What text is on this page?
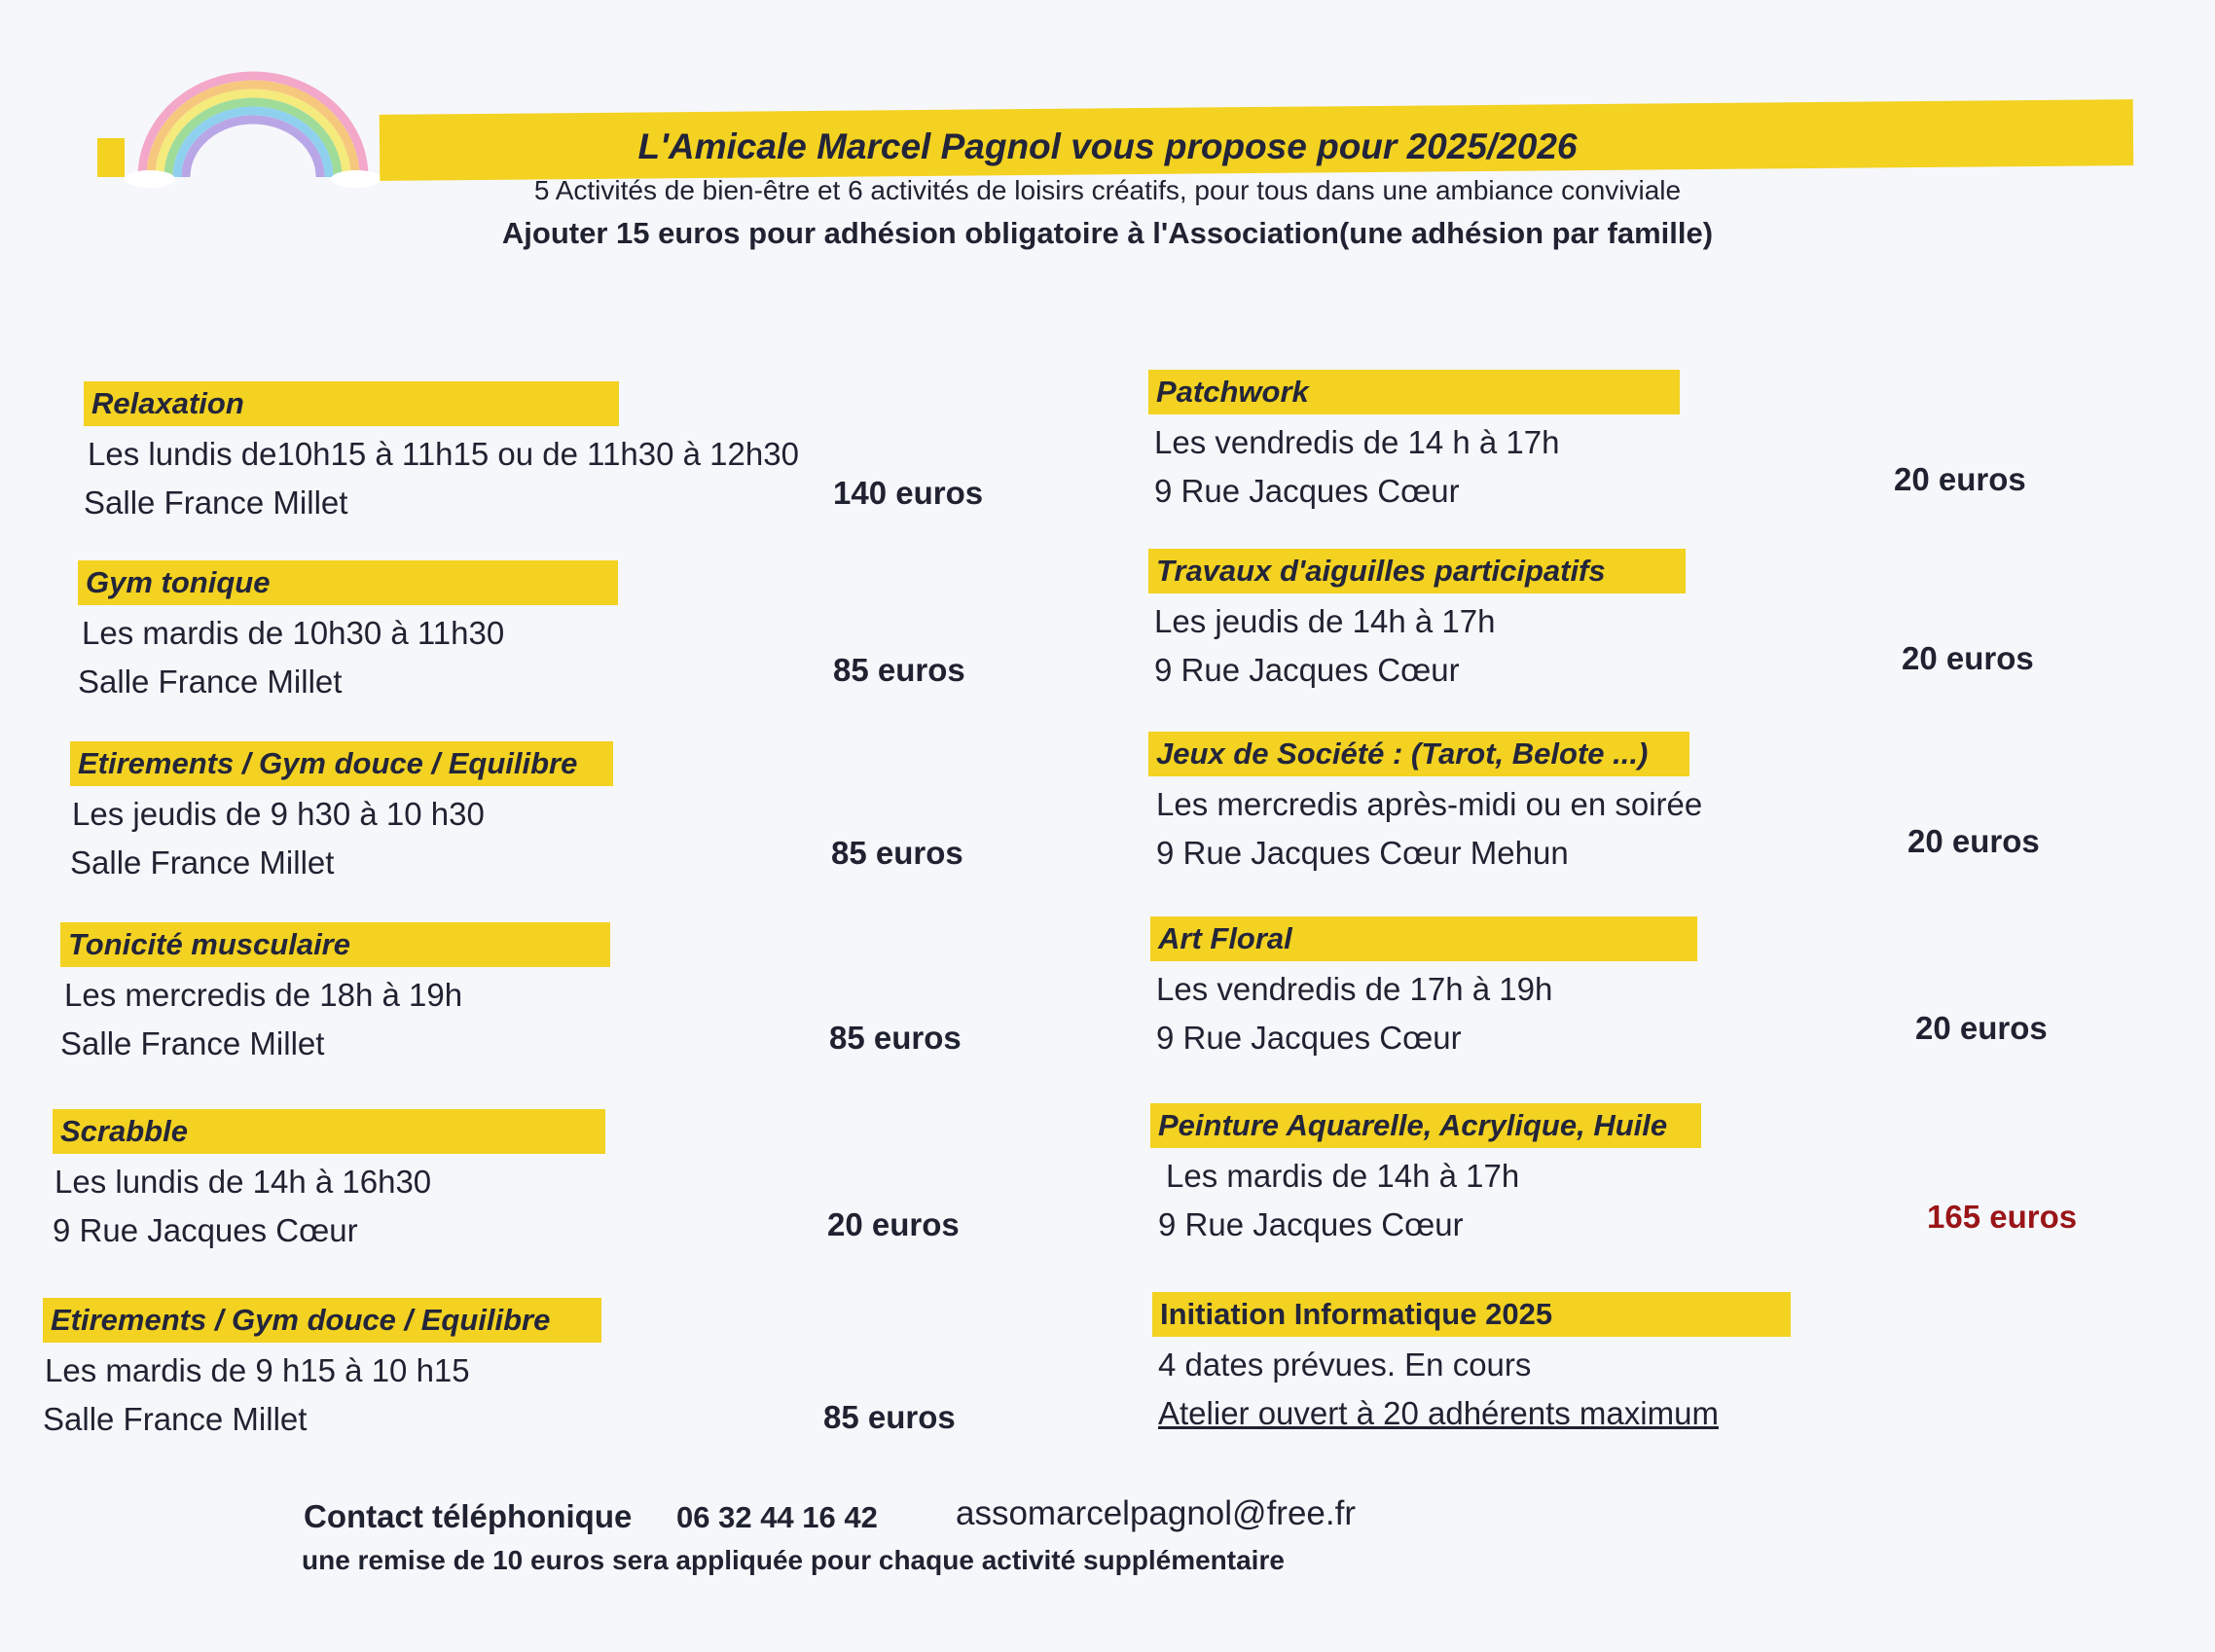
L'Amicale Marcel Pagnol vous propose pour 2025/2026
5 Activités de bien-être et 6 activités de loisirs créatifs, pour tous dans une ambiance conviviale
Ajouter 15 euros pour adhésion obligatoire à l'Association(une adhésion par famille)
Relaxation
Les lundis de10h15 à 11h15 ou de 11h30 à 12h30
Salle France Millet	140 euros
Gym tonique
Les mardis de 10h30 à 11h30
Salle France Millet	85 euros
Etirements / Gym douce / Equilibre
Les jeudis de 9 h30 à 10 h30
Salle France Millet	85 euros
Tonicité musculaire
Les mercredis de 18h à 19h
Salle France Millet	85 euros
Scrabble
Les lundis de 14h à 16h30
9 Rue Jacques Cœur	20 euros
Etirements / Gym douce / Equilibre
Les mardis de 9 h15 à 10 h15
Salle France Millet	85 euros
Patchwork
Les vendredis de 14 h à 17h
9 Rue Jacques Cœur	20 euros
Travaux d'aiguilles participatifs
Les jeudis de 14h à 17h
9 Rue Jacques Cœur	20 euros
Jeux de Société : (Tarot, Belote ...)
Les mercredis après-midi ou en soirée
9 Rue Jacques Cœur Mehun	20 euros
Art Floral
Les vendredis de 17h à 19h
9 Rue Jacques Cœur	20 euros
Peinture Aquarelle, Acrylique, Huile
Les mardis de 14h à 17h
9 Rue Jacques Cœur	165 euros
Initiation Informatique 2025
4 dates prévues. En cours
Atelier ouvert à 20 adhérents maximum
Contact téléphonique 06 32 44 16 42 assomarcelpagnol@free.fr
une remise de 10 euros sera appliquée pour chaque activité supplémentaire
